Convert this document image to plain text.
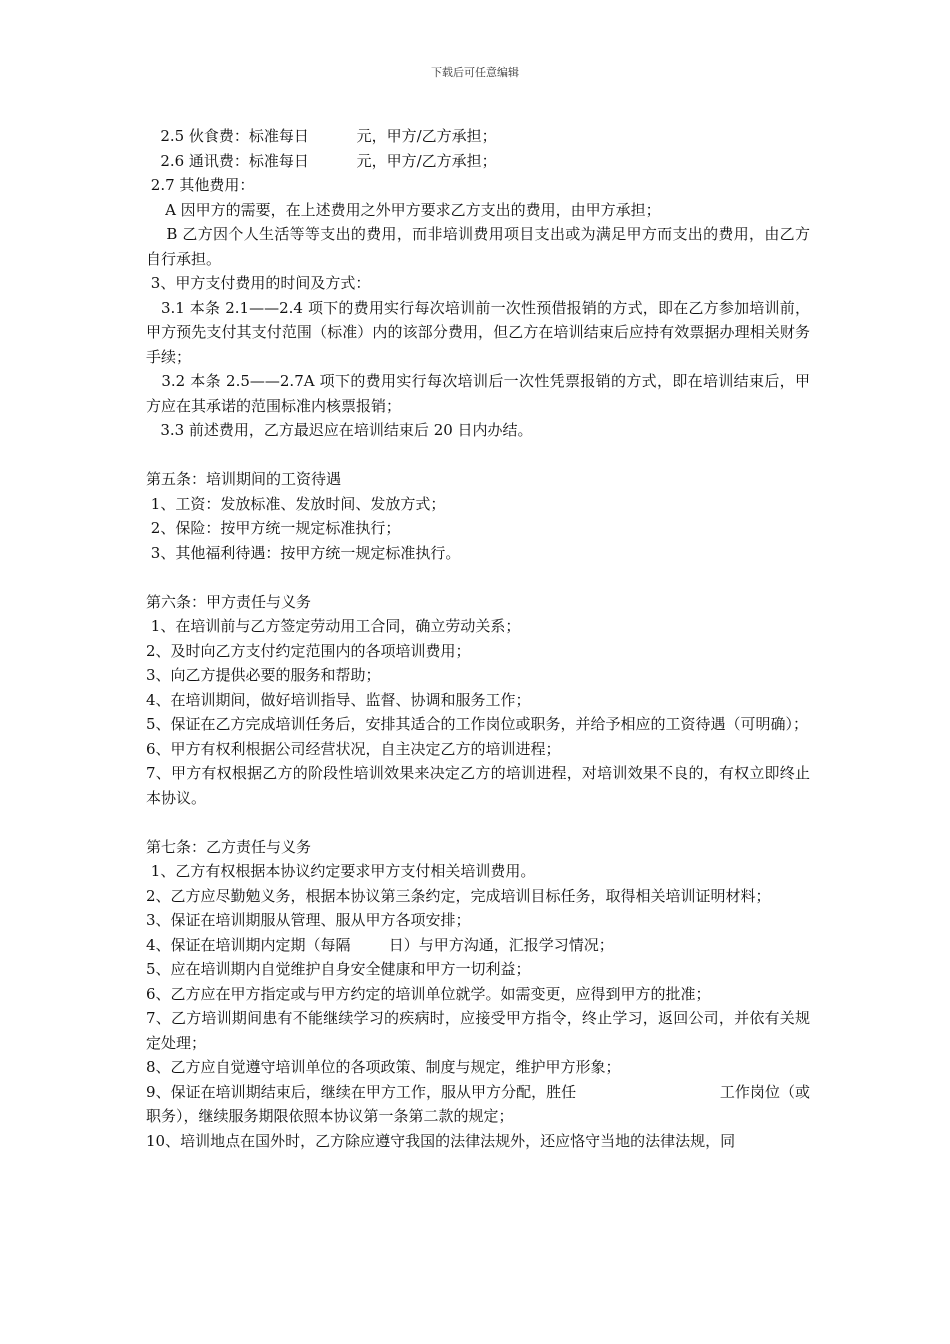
下载后可任意编辑
2.5 伙食费：标准每日          元，甲方/乙方承担；
2.6 通讯费：标准每日          元，甲方/乙方承担；
2.7 其他费用：
A 因甲方的需要，在上述费用之外甲方要求乙方支出的费用，由甲方承担；
B 乙方因个人生活等等支出的费用，而非培训费用项目支出或为满足甲方而支出的费用，由乙方自行承担。
3、甲方支付费用的时间及方式：
3.1 本条 2.1——2.4 项下的费用实行每次培训前一次性预借报销的方式，即在乙方参加培训前，甲方预先支付其支付范围（标准）内的该部分费用，但乙方在培训结束后应持有效票据办理相关财务手续；
3.2 本条 2.5——2.7A 项下的费用实行每次培训后一次性凭票报销的方式，即在培训结束后，甲方应在其承诺的范围标准内核票报销；
3.3 前述费用，乙方最迟应在培训结束后 20 日内办结。
第五条：培训期间的工资待遇
1、工资：发放标准、发放时间、发放方式；
2、保险：按甲方统一规定标准执行；
3、其他福利待遇：按甲方统一规定标准执行。
第六条：甲方责任与义务
1、在培训前与乙方签定劳动用工合同，确立劳动关系；
2、及时向乙方支付约定范围内的各项培训费用；
3、向乙方提供必要的服务和帮助；
4、在培训期间，做好培训指导、监督、协调和服务工作；
5、保证在乙方完成培训任务后，安排其适合的工作岗位或职务，并给予相应的工资待遇（可明确）；
6、甲方有权利根据公司经营状况，自主决定乙方的培训进程；
7、甲方有权根据乙方的阶段性培训效果来决定乙方的培训进程，对培训效果不良的，有权立即终止本协议。
第七条：乙方责任与义务
1、乙方有权根据本协议约定要求甲方支付相关培训费用。
2、乙方应尽勤勉义务，根据本协议第三条约定，完成培训目标任务，取得相关培训证明材料；
3、保证在培训期服从管理、服从甲方各项安排；
4、保证在培训期内定期（每隔        日）与甲方沟通，汇报学习情况；
5、应在培训期内自觉维护自身安全健康和甲方一切利益；
6、乙方应在甲方指定或与甲方约定的培训单位就学。如需变更，应得到甲方的批准；
7、乙方培训期间患有不能继续学习的疾病时，应接受甲方指令，终止学习，返回公司，并依有关规定处理；
8、乙方应自觉遵守培训单位的各项政策、制度与规定，维护甲方形象；
9、保证在培训期结束后，继续在甲方工作，服从甲方分配，胜任                              工作岗位（或职务），继续服务期限依照本协议第一条第二款的规定；
10、培训地点在国外时，乙方除应遵守我国的法律法规外，还应恪守当地的法律法规，同
